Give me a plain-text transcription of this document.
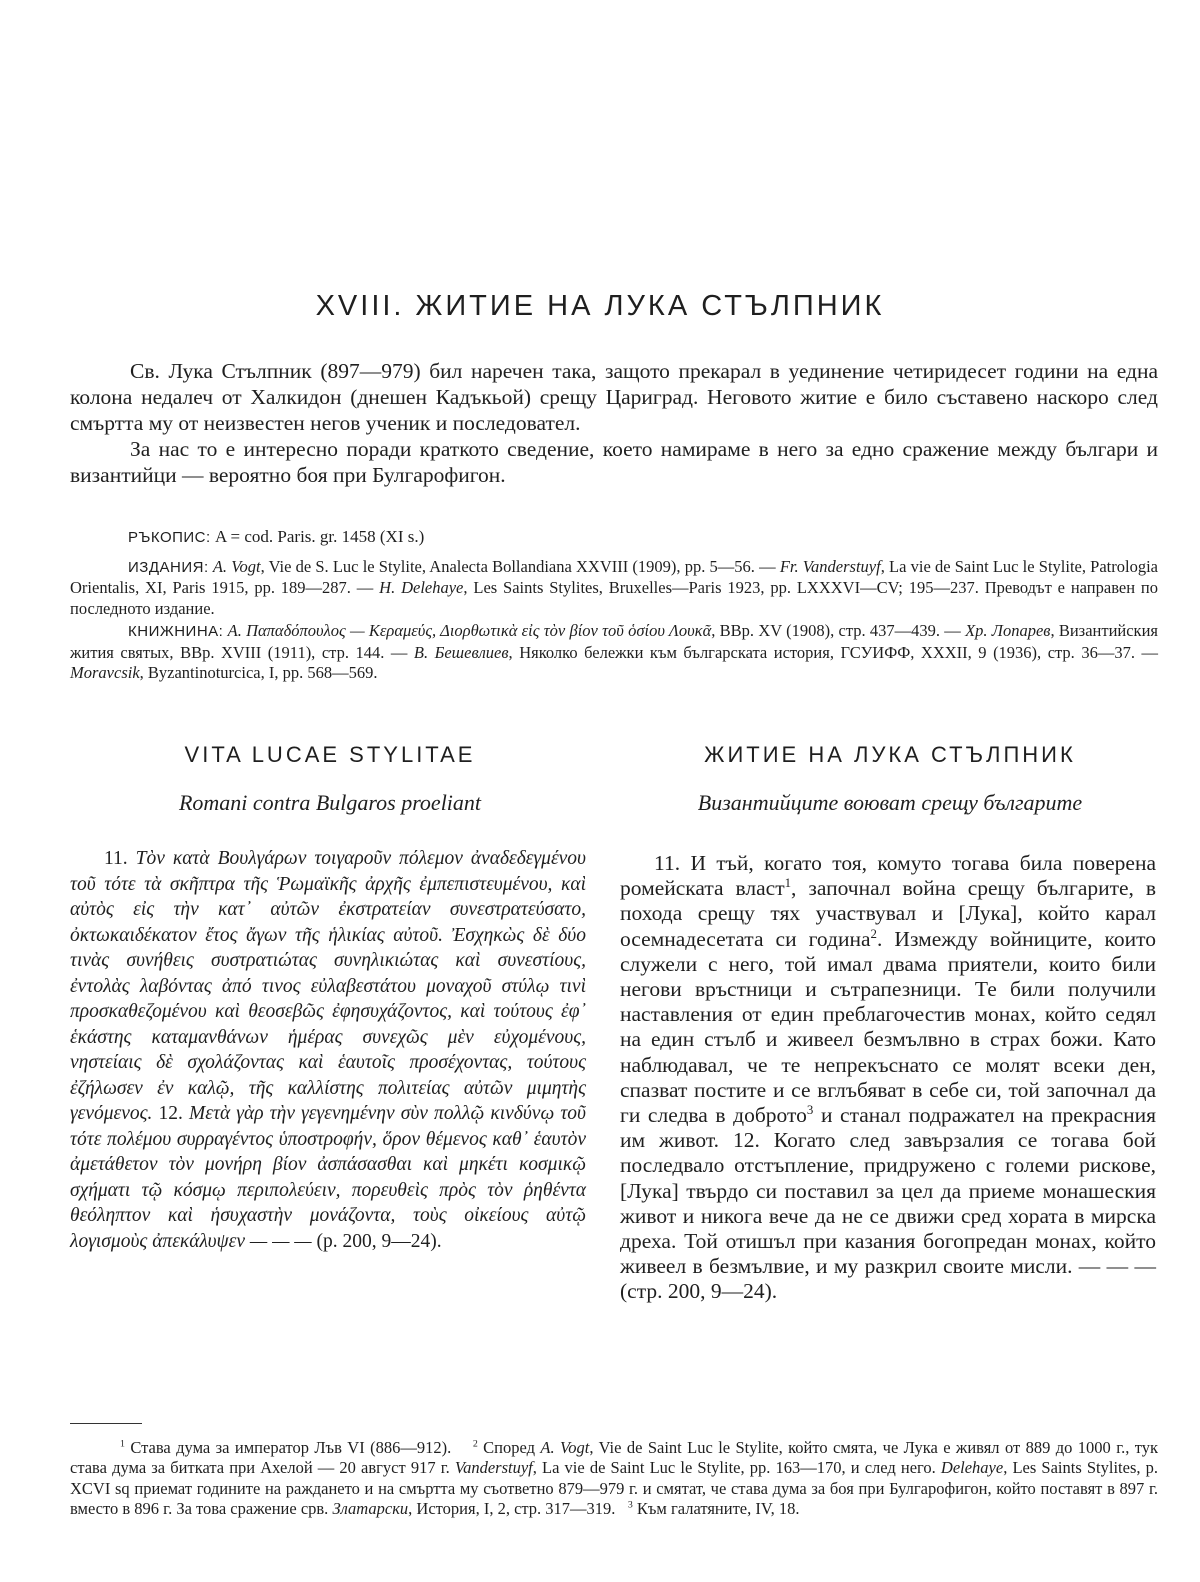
XVIII. ЖИТИЕ НА ЛУКА СТЪЛПНИК

Св. Лука Стълпник (897—979) бил наречен така, защото прекарал в уединение четиридесет години на една колона недалеч от Халкидон (днешен Кадъкьой) срещу Цариград. Неговото житие е било съставено наскоро след смъртта му от неизвестен негов ученик и последовател.

За нас то е интересно поради краткото сведение, което намираме в него за едно сражение между българи и византийци — вероятно боя при Булгарофигон.

РЪКОПИС: A = cod. Paris. gr. 1458 (XI s.)

ИЗДАНИЯ: A. Vogt, Vie de S. Luc le Stylite, Analecta Bollandiana XXVIII (1909), pp. 5—56. — Fr. Vanderstuyf, La vie de Saint Luc le Stylite, Patrologia Orientalis, XI, Paris 1915, pp. 189—287. — H. Delehaye, Les Saints Stylites, Bruxelles—Paris 1923, pp. LXXXVI—CV; 195—237. Преводът е направен по последното издание.

КНИЖНИНА: А. Παπαδόπουλος — Κεραμεύς, Διορθωτικὰ εἰς τὸν βίον τοῦ ὁσίου Λουκᾶ, BBp. XV (1908), стр. 437—439. — Хр. Лопарев, Византийския жития святых, BBp. XVIII (1911), стр. 144. — В. Бешевлиев, Няколко бележки към българската история, ГСУИФФ, XXXII, 9 (1936), стр. 36—37. — Moravcsik, Byzantinoturcica, I, pp. 568—569.

VITA LUCAE STYLITAE
Romani contra Bulgaros proeliant
ЖИТИЕ НА ЛУКА СТЪЛПНИК
Византийците воюват срещу българите

11. Τὸν κατὰ Βουλγάρων τοιγαροῦν πόλεμον ἀναδεδεγμένου τοῦ τότε τὰ σκῆπτρα τῆς Ῥωμαϊκῆς ἀρχῆς ἐμπεπιστευμένου, καὶ αὐτὸς εἰς τὴν κατ᾽ αὐτῶν ἐκστρατείαν συνεστρατεύσατο, ὀκτωκαιδέκατον ἔτος ἄγων τῆς ἡλικίας αὐτοῦ. Ἐσχηκὼς δὲ δύο τινὰς συνήθεις συστρατιώτας συνηλικιώτας καὶ συνεστίους, ἐντολὰς λαβόντας ἀπό τινος εὐλαβεστάτου μοναχοῦ στύλῳ τινὶ προσκαθεζομένου καὶ θεοσεβῶς ἐφησυχάζοντος, καὶ τούτους ἐφ᾽ ἑκάστης καταμανθάνων ἡμέρας συνεχῶς μὲν εὐχομένους, νηστείαις δὲ σχολάζοντας καὶ ἑαυτοῖς προσέχοντας, τούτους ἐζήλωσεν ἐν καλῷ, τῆς καλλίστης πολιτείας αὐτῶν μιμητὴς γενόμενος. 12. Μετὰ γὰρ τὴν γεγενημένην σὺν πολλῷ κινδύνῳ τοῦ τότε πολέμου συρραγέντος ὑποστροφήν, ὅρον θέμενος καθ᾽ ἑαυτὸν ἀμετάθετον τὸν μονήρη βίον ἀσπάσασθαι καὶ μηκέτι κοσμικῷ σχήματι τῷ κόσμῳ περιπολεύειν, πορευθεὶς πρὸς τὸν ῥηθέντα θεόληπτον καὶ ἡσυχαστὴν μονάζοντα, τοὺς οἰκείους αὐτῷ λογισμοὺς ἀπεκάλυψεν — — — (p. 200, 9—24).

11. И тъй, когато тоя, комуто тогава била поверена ромейската власт$^1$, започнал война срещу българите, в похода срещу тях участвувал и [Лука], който карал осемнадесетата си година$^2$. Измежду войниците, които служели с него, той имал двама приятели, които били негови връстници и сътрапезници. Те били получили наставления от един преблагочестив монах, който седял на един стълб и живеел безмълвно в страх божи. Като наблюдавал, че те непрекъснато се молят всеки ден, спазват постите и се вглъбяват в себе си, той започнал да ги следва в доброто$^3$ и станал подражател на прекрасния им живот. 12. Когато след завързалия се тогава бой последвало отстъпление, придружено с големи рискове, [Лука] твърдо си поставил за цел да приеме монашеския живот и никога вече да не се движи сред хората в мирска дреха. Той отишъл при казания богопредан монах, който живеел в безмълвие, и му разкрил своите мисли. — — — (стр. 200, 9—24).

$^1$ Става дума за император Лъв VI (886—912). $^2$ Според A. Vogt, Vie de Saint Luc le Stylite, който смята, че Лука е живял от 889 до 1000 г., тук става дума за битката при Ахелой — 20 август 917 г. Vanderstuyf, La vie de Saint Luc le Stylite, pp. 163—170, и след него. Delehaye, Les Saints Stylites, p. XCVI sq приемат годините на раждането и на смъртта му съответно 879—979 г. и смятат, че става дума за боя при Булгарофигон, който поставят в 897 г. вместо в 896 г. За това сражение срв. Златарски, История, I, 2, стр. 317—319. $^3$ Към галатяните, IV, 18.
